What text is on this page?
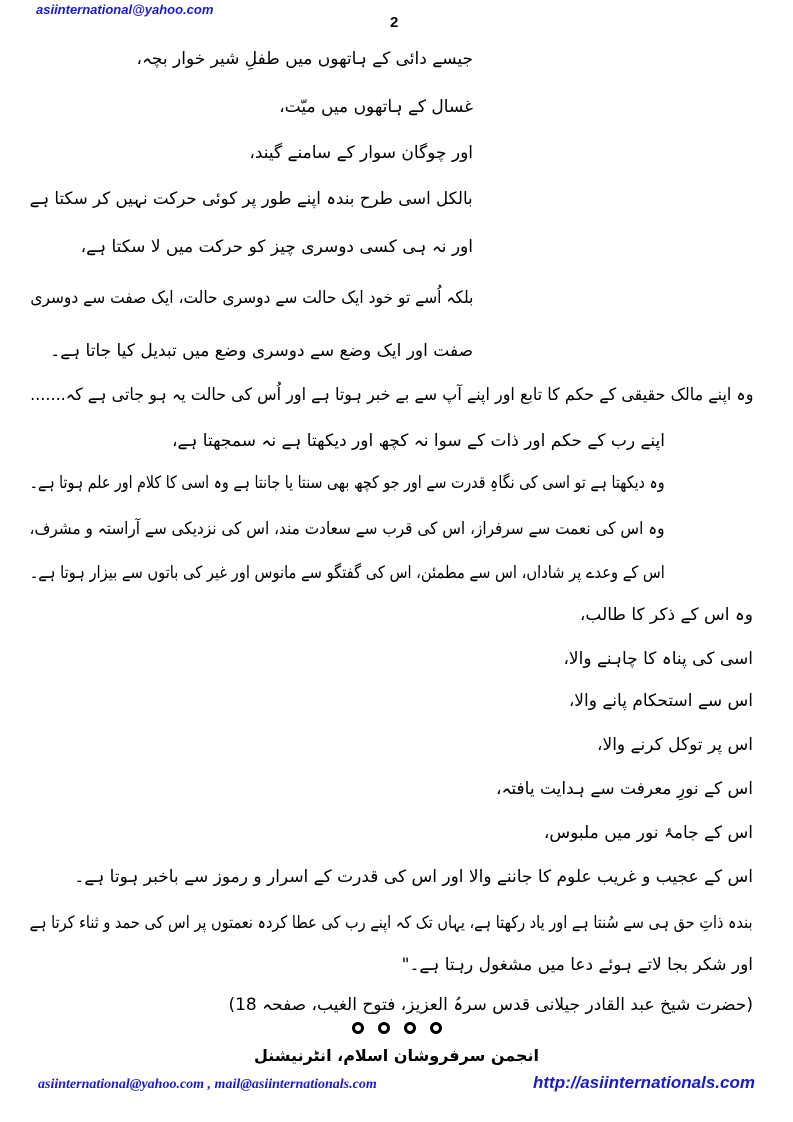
asiinternational@yahoo.com
2
جیسے دائی کے ہاتھوں میں طفلِ شیر خوار بچہ،
غسال کے ہاتھوں میں میّت،
اور چوگان سوار کے سامنے گیند،
بالکل اسی طرح بندہ اپنے طور پر کوئی حرکت نہیں کر سکتا ہے
اور نہ ہی کسی دوسری چیز کو حرکت میں لا سکتا ہے،
بلکہ اُسے تو خود ایک حالت سے دوسری حالت، ایک صفت سے دوسری
صفت اور ایک وضع سے دوسری وضع میں تبدیل کیا جاتا ہے۔
وہ اپنے مالک حقیقی کے حکم کا تابع اور اپنے آپ سے بے خبر ہوتا ہے اور اُس کی حالت یہ ہو جاتی ہے کہ.......
اپنے رب کے حکم اور ذات کے سوا نہ کچھ اور دیکھتا ہے نہ سمجھتا ہے،
وہ دیکھتا ہے تو اسی کی نگاہِ قدرت سے اور جو کچھ بھی سنتا یا جانتا ہے وہ اسی کا کلام اور علم ہوتا ہے۔
وہ اس کی نعمت سے سرفراز، اس کی قرب سے سعادت مند، اس کی نزدیکی سے آراستہ و مشرف،
اس کے وعدے پر شاداں، اس سے مطمئن، اس کی گفتگو سے مانوس اور غیر کی باتوں سے بیزار ہوتا ہے۔
وہ اس کے ذکر کا طالب،
اسی کی پناہ کا چاہنے والا،
اس سے استحکام پانے والا،
اس پر توکل کرنے والا،
اس کے نورِ معرفت سے ہدایت یافتہ،
اس کے جامۂ نور میں ملبوس،
اس کے عجیب و غریب علوم کا جاننے والا اور اس کی قدرت کے اسرار و رموز سے باخبر ہوتا ہے۔
بندہ ذاتِ حق ہی سے سُنتا ہے اور یاد رکھتا ہے، یہاں تک کہ اپنے رب کی عطا کردہ نعمتوں پر اس کی حمد و ثناء کرتا ہے
اور شکر بجا لاتے ہوئے دعا میں مشغول رہتا ہے۔"
(حضرت شیخ عبد القادر جیلانی قدس سرہُ العزیز، فتوح الغیب، صفحہ 18)
انجمن سرفروشان اسلام، انٹرنیشنل
asiinternational@yahoo.com , mail@asiinternationals.com	http://asiinternationals.com
